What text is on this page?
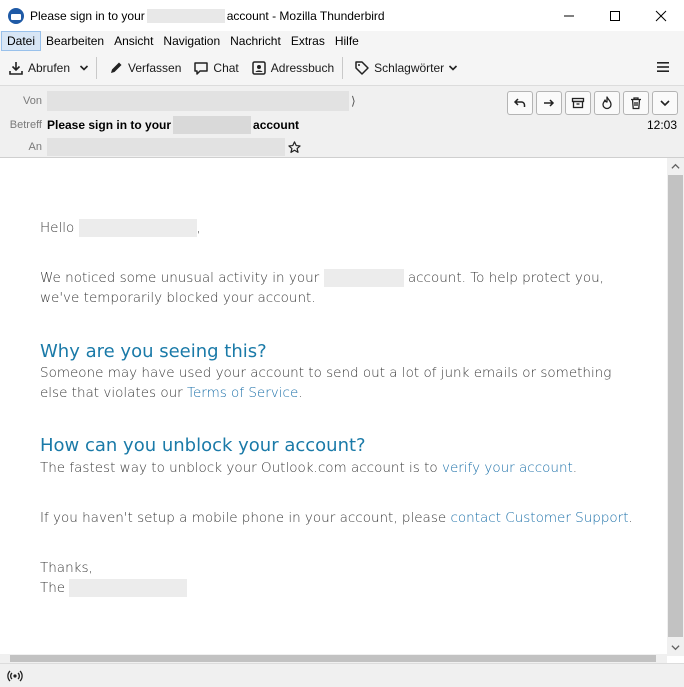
Please sign in to your	account - Mozilla Thunderbird
Datei Bearbeiten Ansicht Navigation Nachricht Extras Hilfe
Abrufen	Verfassen	Chat	Adressbuch	Schlagwörter
Von	⟩
Betreff Please sign in to your	account
An
12:03

Hello	,

We noticed some unusual activity in your	account. To help protect you, we've temporarily blocked your account.

Why are you seeing this?

Someone may have used your account to send out a lot of junk emails or something else that violates our Terms of Service.

How can you unblock your account?

The fastest way to unblock your Outlook.com account is to verify your account.

If you haven't setup a mobile phone in your account, please contact Customer Support.

Thanks,

The
